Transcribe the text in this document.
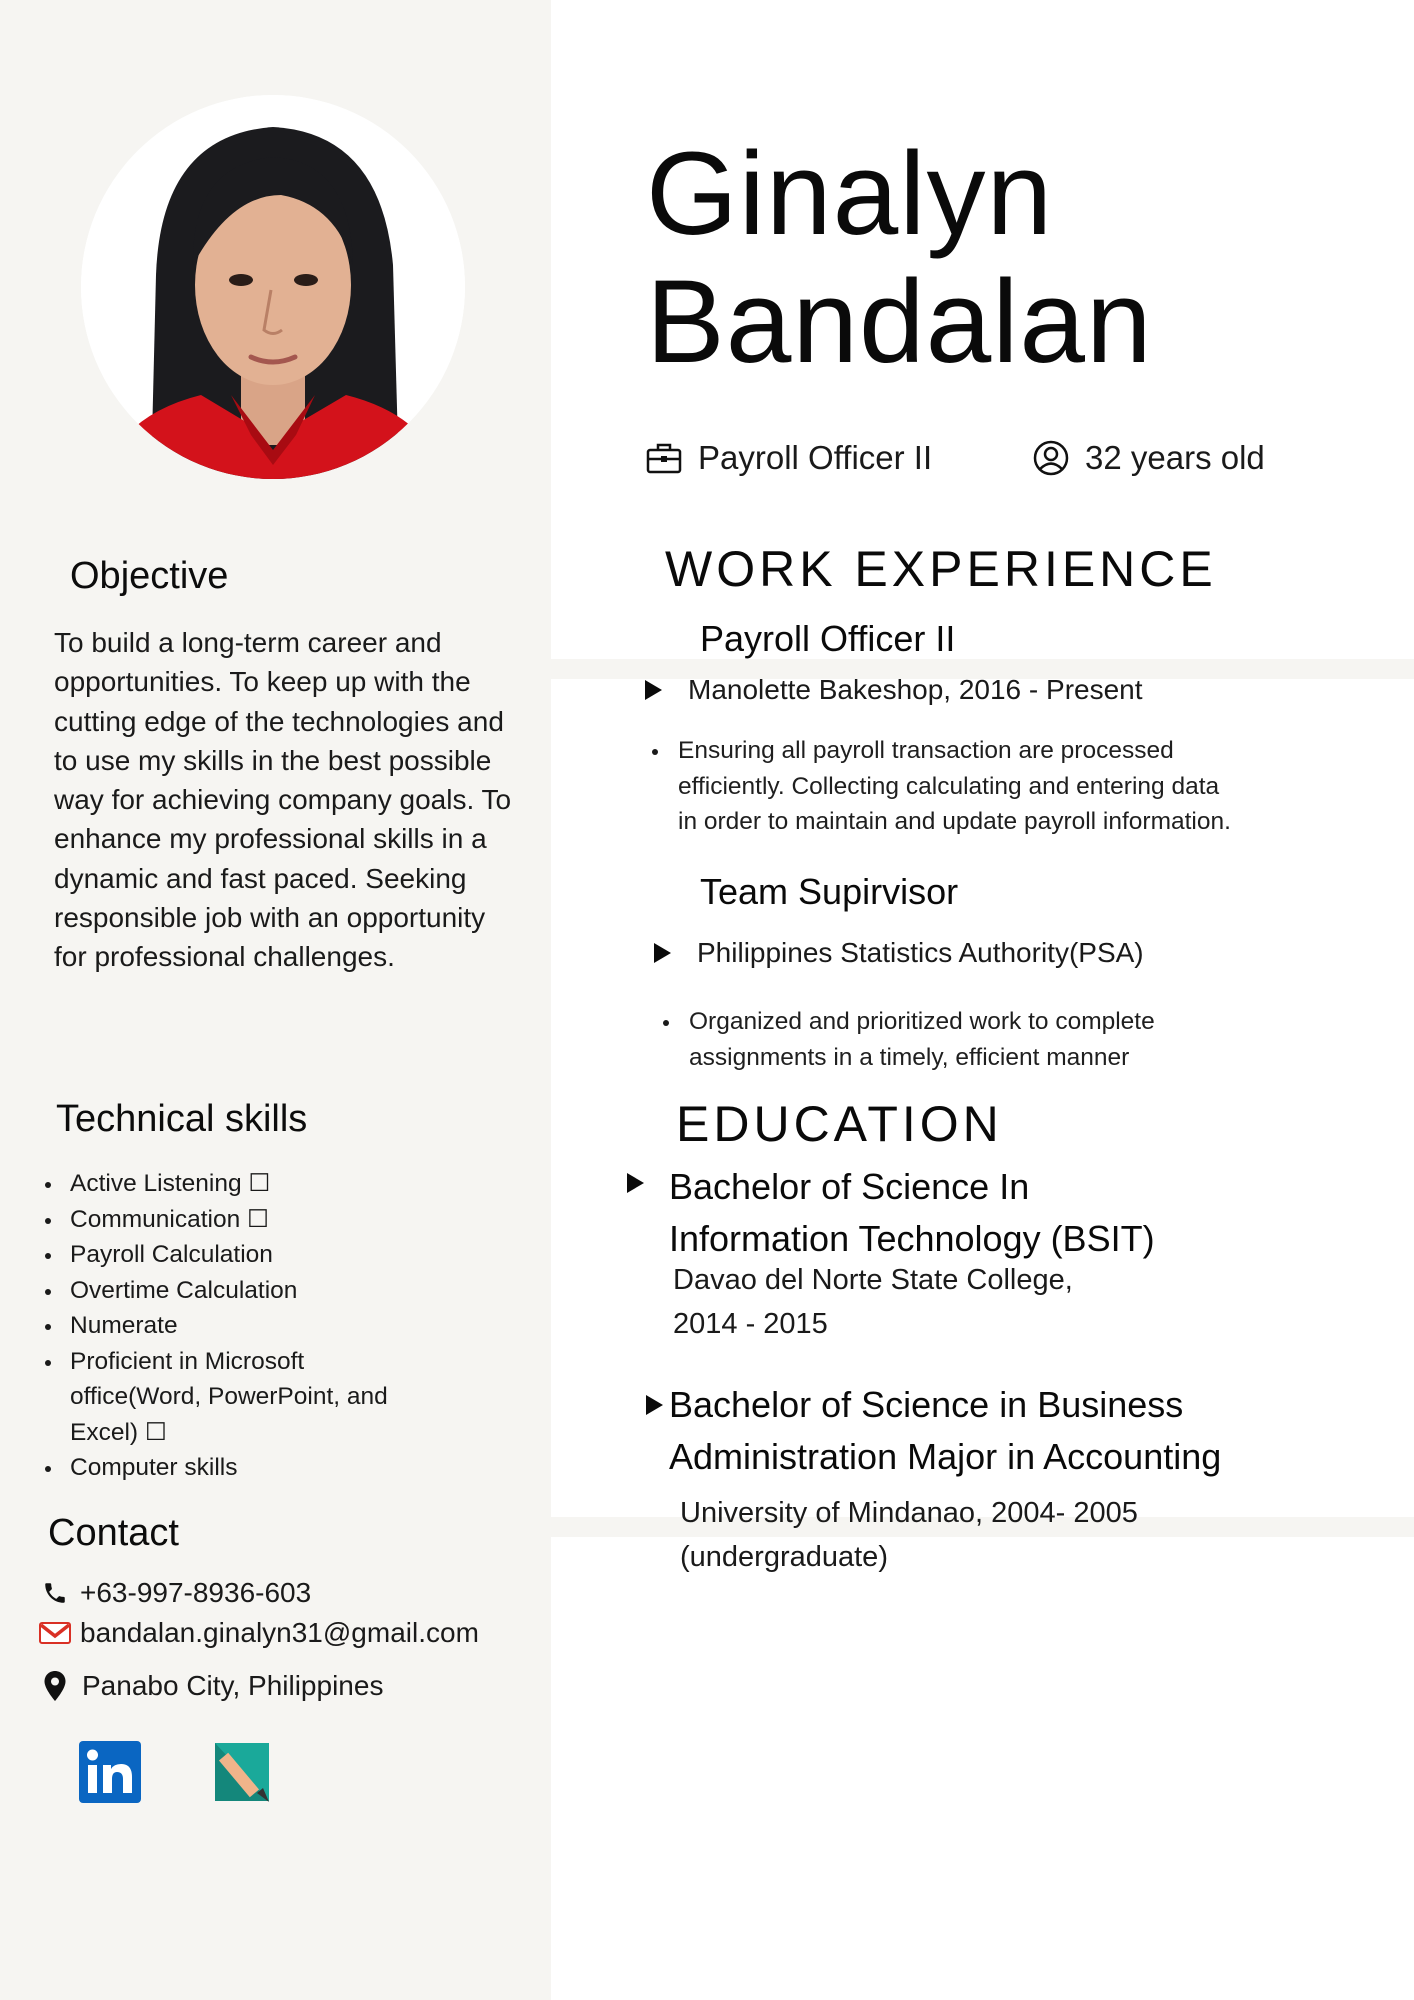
Objective
To build a long-term career and opportunities. To keep up with the cutting edge of the technologies and to use my skills in the best possible way for achieving company goals. To enhance my professional skills in a dynamic and fast paced. Seeking responsible job with an opportunity for professional challenges.
Technical skills
Active Listening ☐
Communication ☐
Payroll Calculation
Overtime Calculation
Numerate
Proficient in Microsoft office(Word, PowerPoint, and Excel) ☐
Computer skills
Contact
+63-997-8936-603
bandalan.ginalyn31@gmail.com
Panabo City, Philippines
Ginalyn
Bandalan
Payroll Officer II	32 years old
WORK EXPERIENCE
Payroll Officer II
Manolette Bakeshop, 2016 - Present
Ensuring all payroll transaction are processed
efficiently. Collecting calculating and entering data
in order to maintain and update payroll information.
Team Supirvisor
Philippines Statistics Authority(PSA)
Organized and prioritized work to complete
assignments in a timely, efficient manner
EDUCATION
Bachelor of Science In
Information Technology (BSIT)
Davao del Norte State College,
2014 - 2015
Bachelor of Science in Business
Administration Major in Accounting
University of Mindanao, 2004- 2005
(undergraduate)
